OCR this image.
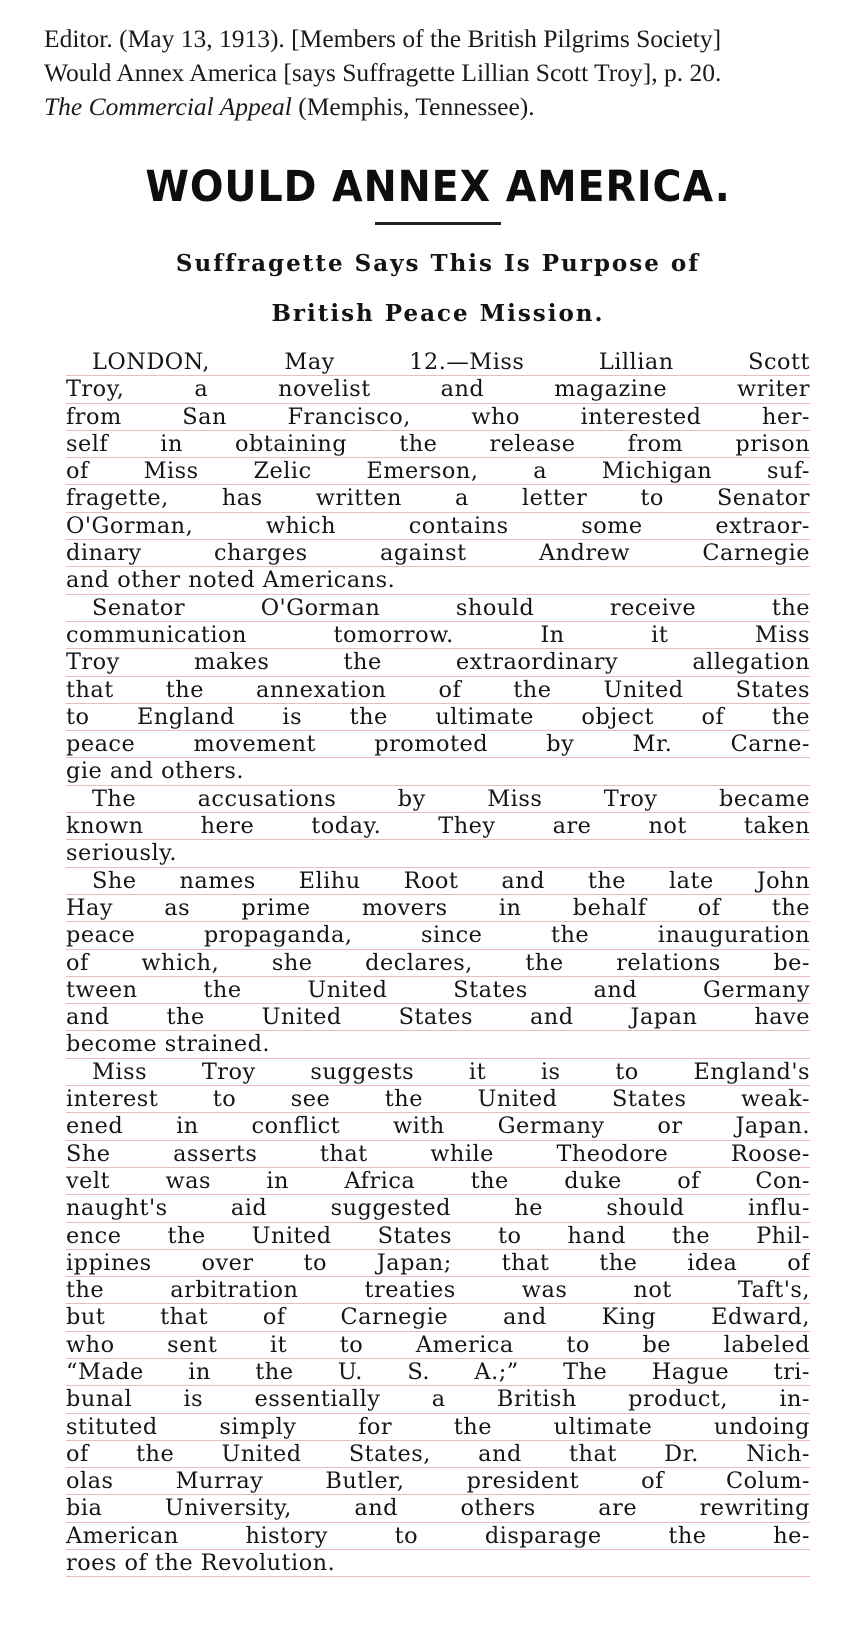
Editor. (May 13, 1913). [Members of the British Pilgrims Society]
Would Annex America [says Suffragette Lillian Scott Troy], p. 20.
The Commercial Appeal (Memphis, Tennessee).
WOULD ANNEX AMERICA.
Suffragette Says This Is Purpose of
British Peace Mission.
LONDON, May 12.—Miss Lillian Scott
Troy, a novelist and magazine writer
from San Francisco, who interested her-
self in obtaining the release from prison
of Miss Zelic Emerson, a Michigan suf-
fragette, has written a letter to Senator
O'Gorman, which contains some extraor-
dinary charges against Andrew Carnegie
and other noted Americans.
Senator O'Gorman should receive the
communication tomorrow. In it Miss
Troy makes the extraordinary allegation
that the annexation of the United States
to England is the ultimate object of the
peace movement promoted by Mr. Carne-
gie and others.
The accusations by Miss Troy became
known here today. They are not taken
seriously.
She names Elihu Root and the late John
Hay as prime movers in behalf of the
peace propaganda, since the inauguration
of which, she declares, the relations be-
tween the United States and Germany
and the United States and Japan have
become strained.
Miss Troy suggests it is to England's
interest to see the United States weak-
ened in conflict with Germany or Japan.
She asserts that while Theodore Roose-
velt was in Africa the duke of Con-
naught's aid suggested he should influ-
ence the United States to hand the Phil-
ippines over to Japan; that the idea of
the arbitration treaties was not Taft's,
but that of Carnegie and King Edward,
who sent it to America to be labeled
“Made in the U. S. A.;” The Hague tri-
bunal is essentially a British product, in-
stituted simply for the ultimate undoing
of the United States, and that Dr. Nich-
olas Murray Butler, president of Colum-
bia University, and others are rewriting
American history to disparage the he-
roes of the Revolution.
